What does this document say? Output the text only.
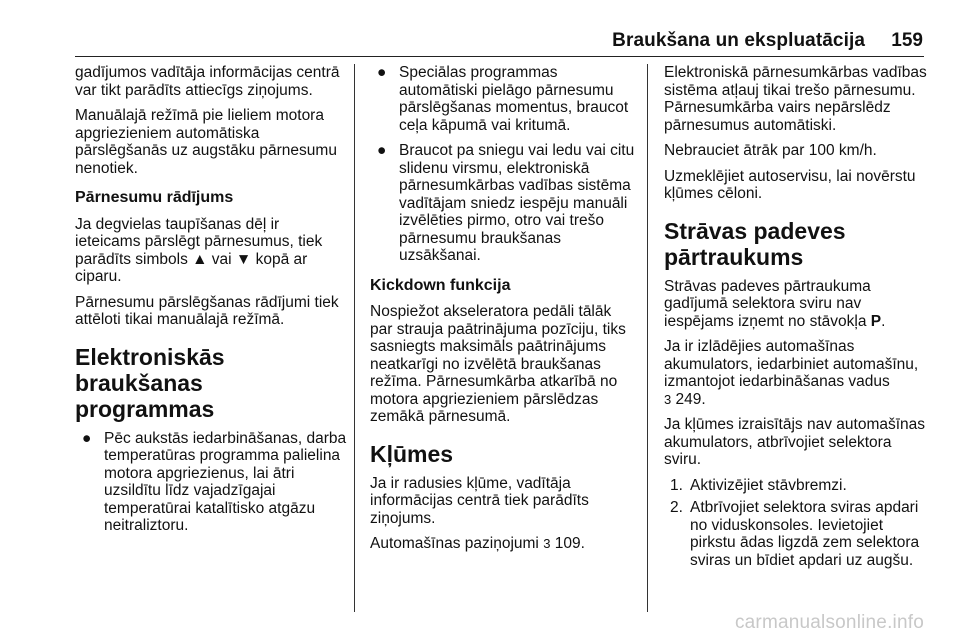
Braukšana un ekspluatācija 159

gadījumos vadītāja informācijas centrā var tikt parādīts attiecīgs ziņojums.

Manuālajā režīmā pie lieliem motora apgriezieniem automātiska pārslēgšanās uz augstāku pārnesumu nenotiek.

Pārnesumu rādījums

Ja degvielas taupīšanas dēļ ir ieteicams pārslēgt pārnesumus, tiek parādīts simbols ▲ vai ▼ kopā ar ciparu.

Pārnesumu pārslēgšanas rādījumi tiek attēloti tikai manuālajā režīmā.

Elektroniskās braukšanas programmas
● Pēc aukstās iedarbināšanas, darba temperatūras programma palielina motora apgriezienus, lai ātri uzsildītu līdz vajadzīgajai temperatūrai katalītisko atgāzu neitraliztoru.
● Speciālas programmas automātiski pielāgo pārnesumu pārslēgšanas momentus, braucot ceļa kāpumā vai kritumā.
● Braucot pa sniegu vai ledu vai citu slidenu virsmu, elektroniskā pārnesumkārbas vadības sistēma vadītājam sniedz iespēju manuāli izvēlēties pirmo, otro vai trešo pārnesumu braukšanas uzsākšanai.
Kickdown funkcija

Nospiežot akseleratora pedāli tālāk par strauja paātrinājuma pozīciju, tiks sasniegts maksimāls paātrinājums neatkarīgi no izvēlētā braukšanas režīma. Pārnesumkārba atkarībā no motora apgriezieniem pārslēdzas zemākā pārnesumā.

Kļūmes

Ja ir radusies kļūme, vadītāja informācijas centrā tiek parādīts ziņojums.

Automašīnas paziņojumi 3 109.

Elektroniskā pārnesumkārbas vadības sistēma atļauj tikai trešo pārnesumu. Pārnesumkārba vairs nepārslēdz pārnesumus automātiski.

Nebrauciet ātrāk par 100 km/h.

Uzmeklējiet autoservisu, lai novērstu kļūmes cēloni.

Strāvas padeves pārtraukums

Strāvas padeves pārtraukuma gadījumā selektora sviru nav iespējams izņemt no stāvokļa P.

Ja ir izlādējies automašīnas akumulators, iedarbiniet automašīnu, izmantojot iedarbināšanas vadus
3 249.

Ja kļūmes izraisītājs nav automašīnas akumulators, atbrīvojiet selektora sviru.

1. Aktivizējiet stāvbremzi.
2. Atbrīvojiet selektora sviras apdari no viduskonsoles. Ievietojiet pirkstu ādas ligzdā zem selektora sviras un bīdiet apdari uz augšu.
carmanualsonline.info
